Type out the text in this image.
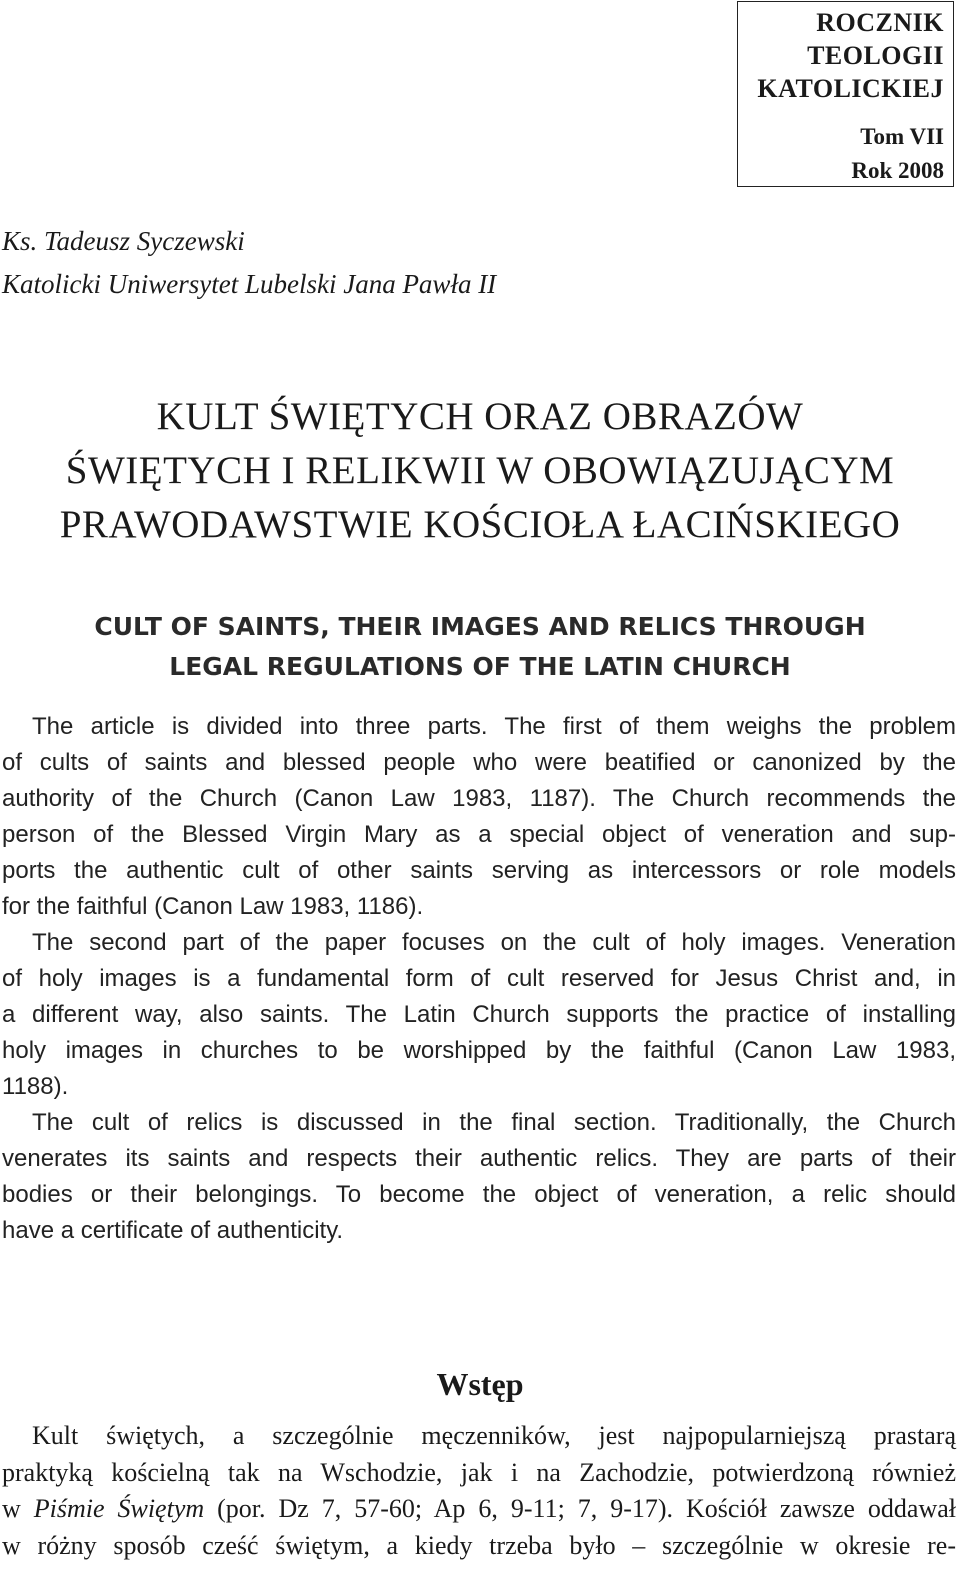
ROCZNIK
TEOLOGII
KATOLICKIEJ
Tom VII
Rok 2008
Ks. Tadeusz Syczewski
Katolicki Uniwersytet Lubelski Jana Pawła II
KULT ŚWIĘTYCH ORAZ OBRAZÓW
ŚWIĘTYCH I RELIKWII W OBOWIĄZUJĄCYM
PRAWODAWSTWIE KOŚCIOŁA ŁACIŃSKIEGO
CULT OF SAINTS, THEIR IMAGES AND RELICS THROUGH
LEGAL REGULATIONS OF THE LATIN CHURCH
The article is divided into three parts. The first of them weighs the problem
of cults of saints and blessed people who were beatified or canonized by the
authority of the Church (Canon Law 1983, 1187). The Church recommends the
person of the Blessed Virgin Mary as a special object of veneration and sup-
ports the authentic cult of other saints serving as intercessors or role models
for the faithful (Canon Law 1983, 1186).
The second part of the paper focuses on the cult of holy images. Veneration
of holy images is a fundamental form of cult reserved for Jesus Christ and, in
a different way, also saints. The Latin Church supports the practice of installing
holy images in churches to be worshipped by the faithful (Canon Law 1983,
1188).
The cult of relics is discussed in the final section. Traditionally, the Church
venerates its saints and respects their authentic relics. They are parts of their
bodies or their belongings. To become the object of veneration, a relic should
have a certificate of authenticity.
Wstęp
Kult świętych, a szczególnie męczenników, jest najpopularniejszą prastarą
praktyką kościelną tak na Wschodzie, jak i na Zachodzie, potwierdzoną również
w Piśmie Świętym (por. Dz 7, 57-60; Ap 6, 9-11; 7, 9-17). Kościół zawsze oddawał
w różny sposób cześć świętym, a kiedy trzeba było – szczególnie w okresie re-
